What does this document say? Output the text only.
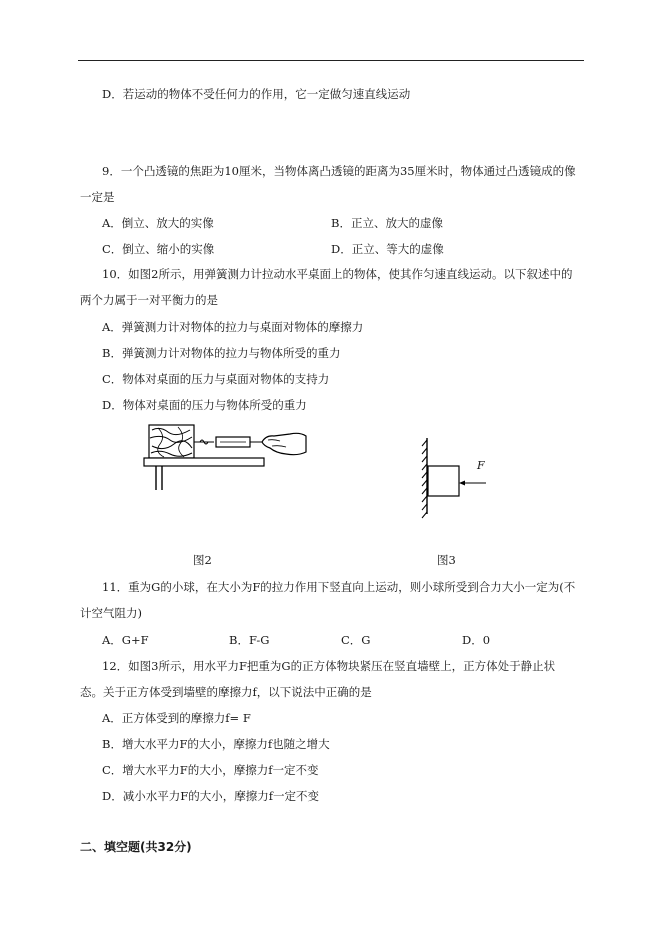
D．若运动的物体不受任何力的作用，它一定做匀速直线运动
9．一个凸透镜的焦距为10厘米，当物体离凸透镜的距离为35厘米时，物体通过凸透镜成的像
一定是
A．倒立、放大的实像	B．正立、放大的虚像
C．倒立、缩小的实像	D．正立、等大的虚像
10．如图2所示，用弹簧测力计拉动水平桌面上的物体，使其作匀速直线运动。以下叙述中的
两个力属于一对平衡力的是
A．弹簧测力计对物体的拉力与桌面对物体的摩擦力
B．弹簧测力计对物体的拉力与物体所受的重力
C．物体对桌面的压力与桌面对物体的支持力
D．物体对桌面的压力与物体所受的重力
F
图2	图3
11．重为G的小球，在大小为F的拉力作用下竖直向上运动，则小球所受到合力大小一定为(不
计空气阻力)
A．G+F	B．F-G	C．G	D．0
12．如图3所示，用水平力F把重为G的正方体物块紧压在竖直墙壁上，正方体处于静止状
态。关于正方体受到墙壁的摩擦力f，以下说法中正确的是
A．正方体受到的摩擦力f= F
B．增大水平力F的大小，摩擦力f也随之增大
C．增大水平力F的大小，摩擦力f一定不变
D．减小水平力F的大小，摩擦力f一定不变
二、填空题(共32分)
